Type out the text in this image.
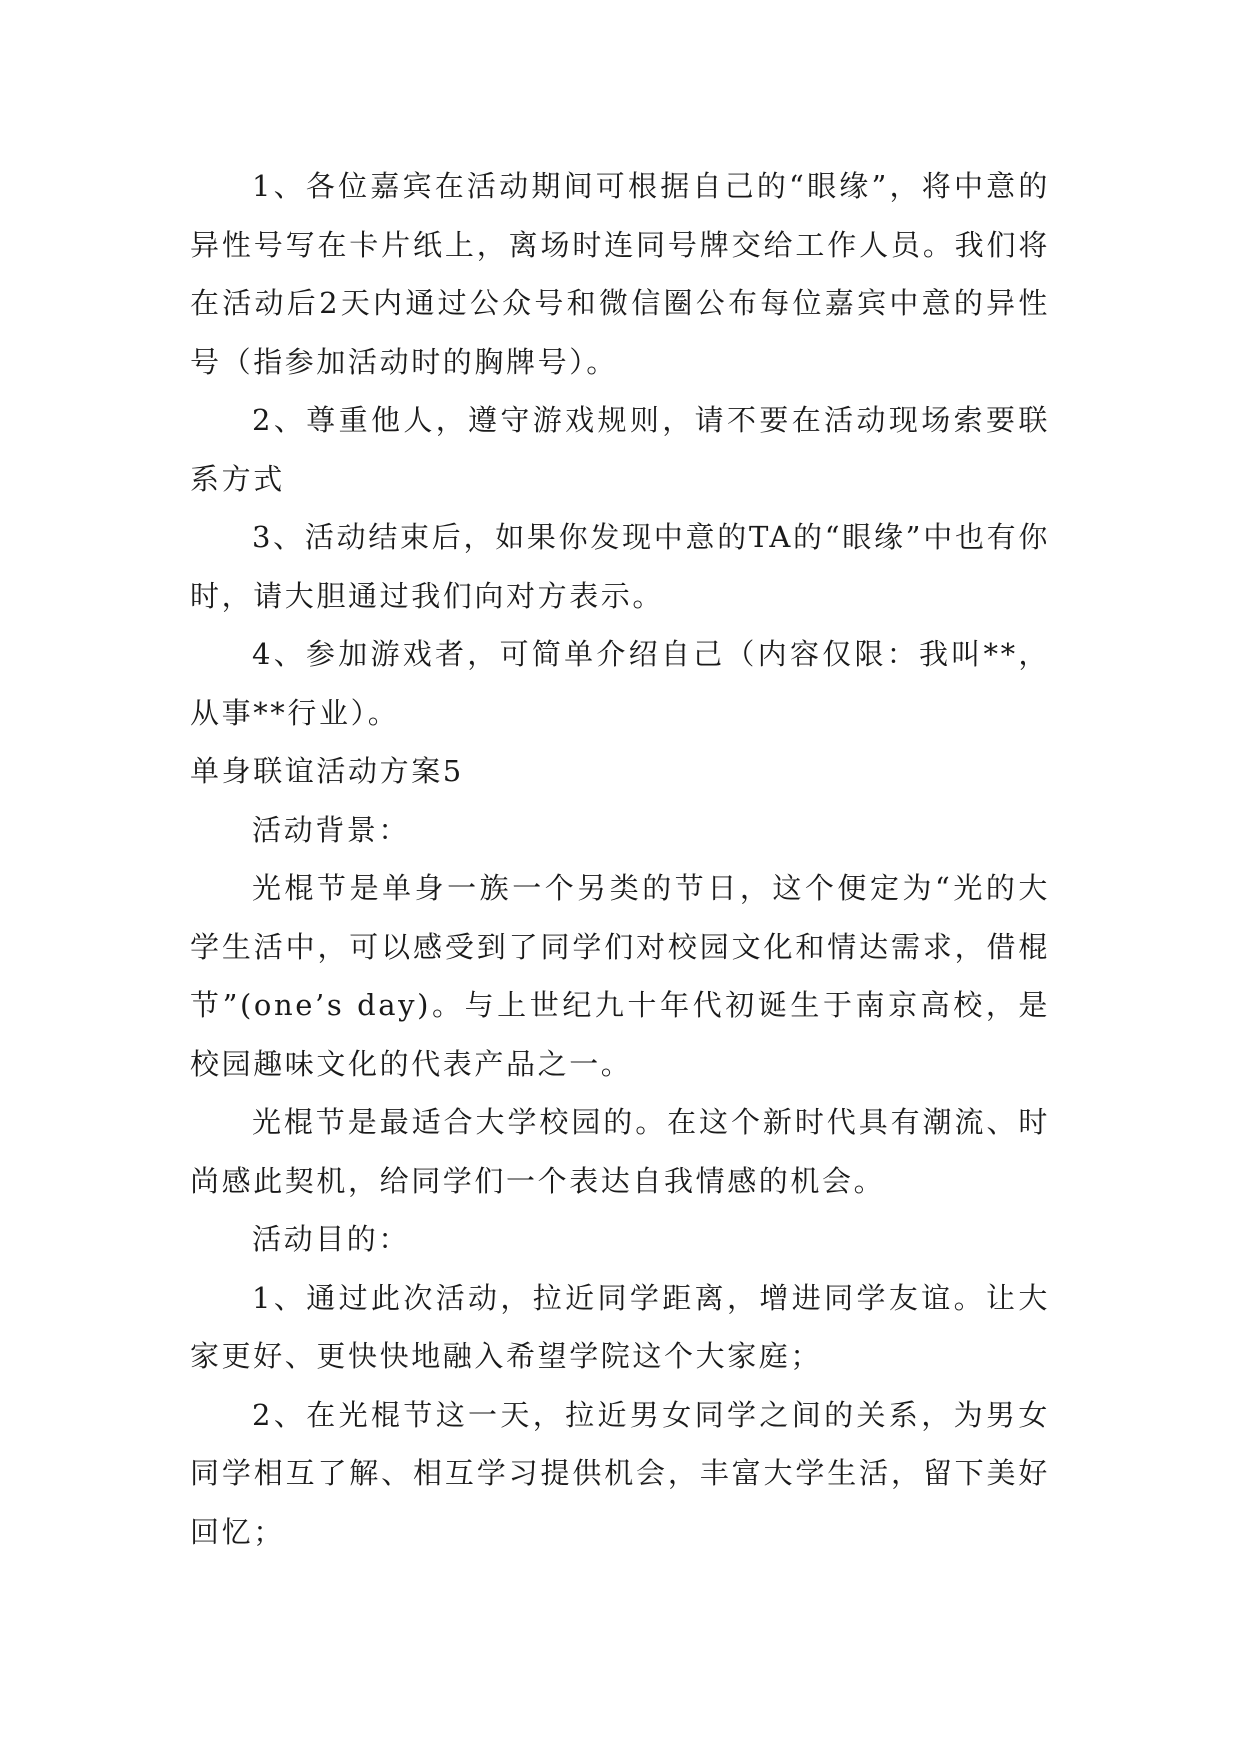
1、各位嘉宾在活动期间可根据自己的“眼缘”，将中意的异性号写在卡片纸上，离场时连同号牌交给工作人员。我们将在活动后2天内通过公众号和微信圈公布每位嘉宾中意的异性号（指参加活动时的胸牌号）。

2、尊重他人，遵守游戏规则，请不要在活动现场索要联系方式

3、活动结束后，如果你发现中意的TA的“眼缘”中也有你时，请大胆通过我们向对方表示。

4、参加游戏者，可简单介绍自己（内容仅限：我叫**，从事**行业）。

单身联谊活动方案5

活动背景：

光棍节是单身一族一个另类的节日，这个便定为“光的大学生活中，可以感受到了同学们对校园文化和情达需求，借棍节”(one’s day)。与上世纪九十年代初诞生于南京高校，是校园趣味文化的代表产品之一。

光棍节是最适合大学校园的。在这个新时代具有潮流、时尚感此契机，给同学们一个表达自我情感的机会。

活动目的：

1、通过此次活动，拉近同学距离，增进同学友谊。让大家更好、更快快地融入希望学院这个大家庭；

2、在光棍节这一天，拉近男女同学之间的关系，为男女同学相互了解、相互学习提供机会，丰富大学生活，留下美好回忆；
